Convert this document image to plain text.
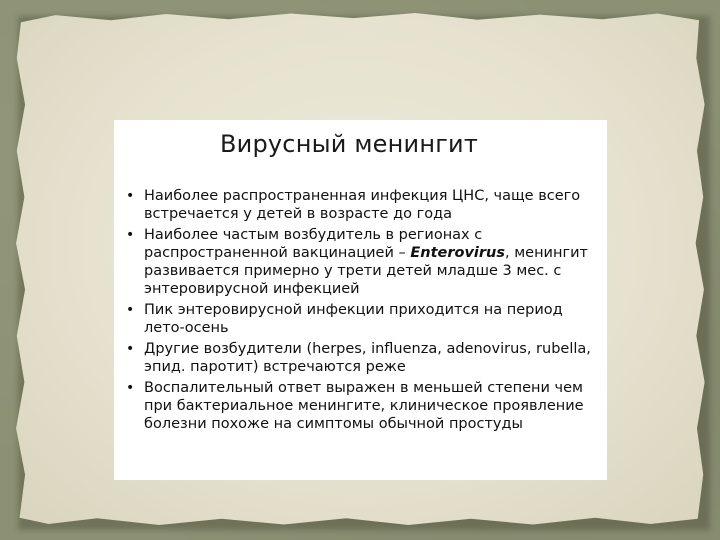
Вирусный менингит
• Наиболее распространенная инфекция ЦНС, чаще всего встречается у детей в возрасте до года
• Наиболее частым возбудитель в регионах с распространенной вакцинацией – Enterovirus, менингит развивается примерно у трети детей младше 3 мес. с энтеровирусной инфекцией
• Пик энтеровирусной инфекции приходится на период лето-осень
• Другие возбудители (herpes, influenza, adenovirus, rubella, эпид. паротит) встречаются реже
• Воспалительный ответ выражен в меньшей степени чем при бактериальное менингите, клиническое проявление болезни похоже на симптомы обычной простуды
